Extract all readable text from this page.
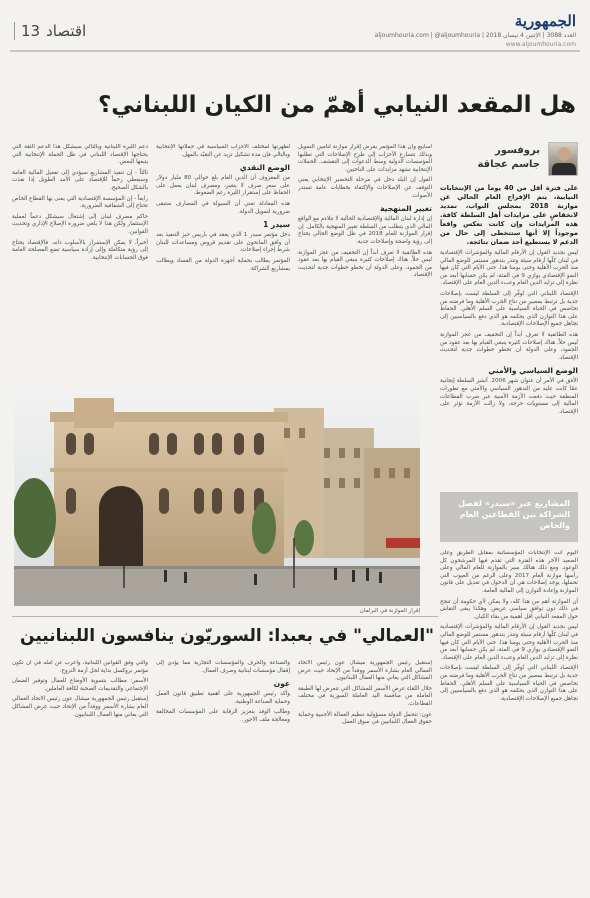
13 اقتصاد
الجمهورية
العدد 3088 | الإثنين 4 نيسان 2018 | aljoumhouria.com | @aljoumhouria
www.aljoumhouria.com
هل المقعد النيابي أهمّ من الكيان اللبناني؟
بروفسور
جاسم عجاقة

على فترة أقل من 40 يوماً من الإنتخابات النيابية، يتم الإفراج العام الحالي عن موازنة 2018 بمجلس النواب، تمديد لانخفاضٍ على مزايدات أهل السلطة كافة. هذه المزايدات وإن كانت تعكس واقعاً موجوداً إلا أنها ستتخطى إلى حال من الدعم لا يستطيع أحد ضمان نتائجه.

ليس بجديد القول إن الأرقام المالية والمؤشرات الإقتصادية في لبنان كلّها أرقام سيئة وتنذر بتدهور مستمر للوضع المالي منذ الحرب الأهلية وحتى يومنا هذا. حتى الأيام التي كان فيها النمو الإقتصادي يوازي 9 في المئة، لم يكن حسابها أبعد من نظرة إلى تزايد الدين العام وعبء الدين العام على الإقتصاد.

الإقتصاد اللبناني التي تُوفّر إلى السلطة ليست بإصلاحات جدية بل ترتبط بمصير من نتاج الحرب الأهلية وما فرضته من تحاصص في الحياة السياسية على السلم الأهلي. الحفاظ على هذا التوازن الذي يحكمه هو الذي دفع بالسياسيين إلى تجاهل جميع الإصلاحات الإقتصادية.

هذه الطائفية لا تعرف أبداً إن التخفيف من عجز الموازنة ليس حلاً. هناك إصلاحات كثيرة ينبغي القيام بها بعد عقود من الجمود، وعلى الدولة أن تخطو خطوات جدية لتحديث الإقتصاد.

الوضع السياسي والأمني

الأفق في الأمر أن عنوان شهر 2006. أنشر السلطة إيجابية عمّا كانت عليه من التدهور السياسي والأمني مع تطورات المنطقة حيث دفعت الأزمة الأمنية عبر ضرب القطاعات المالية إلى مستويات حرجة، ولا زالت الأزمة تؤثر على الإقتصاد.

المشاريع عبر «سيدر» لفصل الشراكة بين القطاعين العام والخاص

اليوم أتت الإنتخابات المؤسساتية بمقابل الطريق وعلى الصعيد الآخر هذه الفترة التي تقدم فيها المرشحون كل الوعود. ومع ذلك هنالك سير بالموازنة للعام المالي وعلى رأسها موازنة العام 2017 وعلى الرغم من العيوب التي تحملها، يوجد إصلاحات هي أن الدخول في تعديل على قانون الموازنة وإعادة التوازن إلى المالية العامة.

أن الموازنة أهم من هذا كله، ولا يمكن لأي حكومة أن تنجح في ذلك دون توافق سياسي عريض. وهكذا يبقى النقاش حول المقعد النيابي أقل أهمية من بقاء الكيان.

ليس بجديد القول إن الأرقام المالية والمؤشرات الإقتصادية في لبنان كلّها أرقام سيئة وتنذر بتدهور مستمر للوضع المالي منذ الحرب الأهلية وحتى يومنا هذا. حتى الأيام التي كان فيها النمو الإقتصادي يوازي 9 في المئة، لم يكن حسابها أبعد من نظرة إلى تزايد الدين العام وعبء الدين العام على الإقتصاد.

الإقتصاد اللبناني التي تُوفّر إلى السلطة ليست بإصلاحات جدية بل ترتبط بمصير من نتاج الحرب الأهلية وما فرضته من تحاصص في الحياة السياسية على السلم الأهلي. الحفاظ على هذا التوازن الذي يحكمه هو الذي دفع بالسياسيين إلى تجاهل جميع الإصلاحات الإقتصادية.

أسابيع وأن هذا المؤتمر يفرض إقرار موازنة لتأمين التمويل وبذلك تتسارع الأحزاب إلى طرح الإصلاحات التي تطلبها المؤسسات الدولية وسط الدعوات إلى التقشف. الحملات الإنتخابية تشهد مزايدات على الناخبين.

القول إن البلد دخل في مرحلة التحضير الإنتخابي يعني التوقف عن الإصلاحات والإكتفاء بخطابات عامة تستدر الأصوات.

تغيير المنهجية

إن إدارة لبنان المالية والإقتصادية الحالية لا تتلاءم مع الواقع المالي الذي يتطلب من السلطة تغيير المنهجية بالكامل. إن إقرار الموازنة للعام 2018 في ظل الوضع الحالي يحتاج إلى رؤية واضحة وإصلاحات جدية.

هذه الطائفية لا تعرف أبداً إن التخفيف من عجز الموازنة ليس حلاً. هناك إصلاحات كثيرة ينبغي القيام بها بعد عقود من الجمود، وعلى الدولة أن تخطو خطوات جدية لتحديث الإقتصاد.

لظهرتها لمختلف الأحزاب السياسية في حملاتها الإنتخابية وبالتالي فإن مدة تشكيل تزيد عن التقيّد بالمهل.

الوضع النقدي

من المعروف أن الدين العام بلغ حوالي 80 مليار دولار على سعر صرف لا يتغير، ومصرف لبنان يعمل على الحفاظ على إستقرار الليرة رغم الضغوط.

هذه المعادلة تعني أن السيولة في المصارف ستبقى ضرورية لتمويل الدولة.

سيدر 1

دخل مؤتمر سيدر 1 الذي يعقد في باريس حيز التنفيذ بعد أن وافق المانحون على تقديم قروض ومساعدات للبنان شرط إجراء إصلاحات.

المؤتمر يطالب بحماية أجهزة الدولة من الفساد ويطالب بمشاريع الشراكة.

دعم الليرة اللبنانية وبالتالي سيشكّل هذا الدعم الثقة التي يحتاجها الإقتصاد اللبناني في ظل الحملة الإنتخابية التي يتبعها البعض.

ثالثاً - إن تنفيذ المشاريع سيؤدي إلى تفعيل المالية العامة وسيعطي زخماً للإقتصاد على الأمد الطويل إذا نفذت بالشكل الصحيح.

رابعاً - إن المؤسسة الإقتصادية التي يعنى بها القطاع الخاص تحتاج إلى الشفافية الضرورية.

حاكم مصرف لبنان إلى إشتغال سيشكل دعماً لعملية الإستثمار ولكن هذا لا يلغي ضرورة الإصلاح الإداري وتحديث القوانين.

أخيراً، لا يمكن الإستمرار بالأسلوب ذاته. فالإقتصاد يحتاج إلى رؤية متكاملة وإلى إرادة سياسية تضع المصلحة العامة فوق الحسابات الإنتخابية.

إقرار الموازنة في البرلمان
"العمالي" في بعبدا: السوريّون ينافسون اللبنانيين

إستقبل رئيس الجمهورية ميشال عون رئيس الاتحاد العمالي العام بشارة الأسمر ووفداً من الإتحاد حيث عرض المشاكل التي يعاني منها العمال اللبنانيون.

خلال اللقاء عرض الأسمر للمشاكل التي تتعرض لها الطبقة العاملة من منافسة اليد العاملة السورية في مختلف القطاعات.

عون: تتحمل الدولة مسؤولية تنظيم العمالة الأجنبية وحماية حقوق العمال اللبنانيين في سوق العمل.

والصناعة والحرف والمؤسسات التجارية مما يؤدي إلى إقفال مؤسسات لبنانية وصرف العمال.

عون

وأكد رئيس الجمهورية على أهمية تطبيق قانون العمل وحماية الصناعة الوطنية.

وطالب الوفد بتعزيز الرقابة على المؤسسات المخالفة ومعالجة ملف الأجور.

والتي وفق القوانين اللبنانية، وأعرب عن أمله في أن تكون مؤتمر بروكسل بداية لحل أزمة النزوح.

الأسمر: مطالب بتسوية الأوضاع للعمال وتوفير الضمان الإجتماعي والتقديمات الصحية لكافة العاملين.

إستقبل رئيس الجمهورية ميشال عون رئيس الاتحاد العمالي العام بشارة الأسمر ووفداً من الإتحاد حيث عرض المشاكل التي يعاني منها العمال اللبنانيون.
